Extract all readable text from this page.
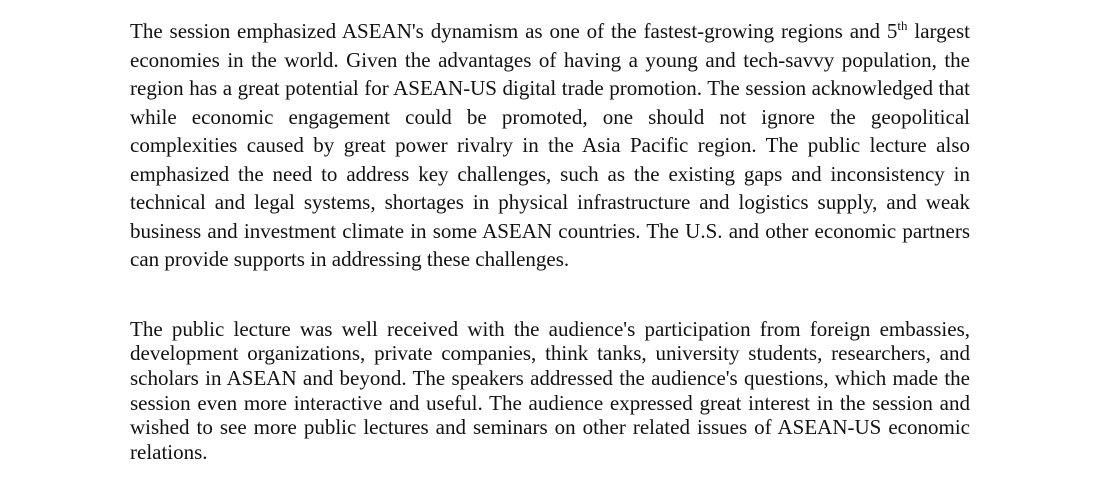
The session emphasized ASEAN's dynamism as one of the fastest-growing regions and 5th largest economies in the world. Given the advantages of having a young and tech-savvy population, the region has a great potential for ASEAN-US digital trade promotion. The session acknowledged that while economic engagement could be promoted, one should not ignore the geopolitical complexities caused by great power rivalry in the Asia Pacific region. The public lecture also emphasized the need to address key challenges, such as the existing gaps and inconsistency in technical and legal systems, shortages in physical infrastructure and logistics supply, and weak business and investment climate in some ASEAN countries. The U.S. and other economic partners can provide supports in addressing these challenges.

The public lecture was well received with the audience's participation from foreign embassies, development organizations, private companies, think tanks, university students, researchers, and scholars in ASEAN and beyond. The speakers addressed the audience's questions, which made the session even more interactive and useful. The audience expressed great interest in the session and wished to see more public lectures and seminars on other related issues of ASEAN-US economic relations.
